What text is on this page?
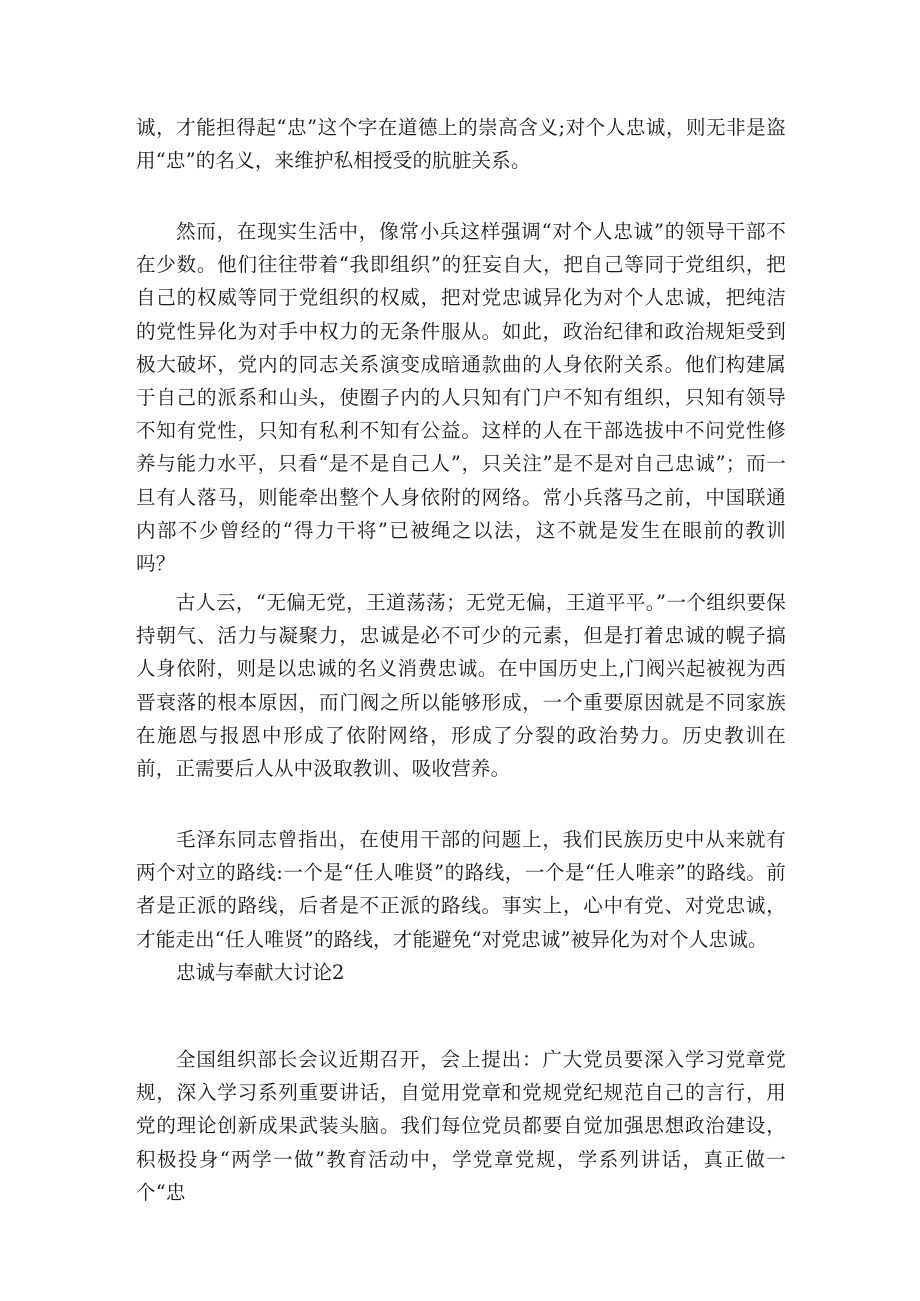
诚，才能担得起“忠”这个字在道德上的崇高含义;对个人忠诚，则无非是盗用“忠”的名义，来维护私相授受的肮脏关系。

然而，在现实生活中，像常小兵这样强调“对个人忠诚”的领导干部不在少数。他们往往带着“我即组织”的狂妄自大，把自己等同于党组织，把自己的权威等同于党组织的权威，把对党忠诚异化为对个人忠诚，把纯洁的党性异化为对手中权力的无条件服从。如此，政治纪律和政治规矩受到极大破坏，党内的同志关系演变成暗通款曲的人身依附关系。他们构建属于自己的派系和山头，使圈子内的人只知有门户不知有组织，只知有领导不知有党性，只知有私利不知有公益。这样的人在干部选拔中不问党性修养与能力水平，只看“是不是自己人”，只关注”是不是对自己忠诚”；而一旦有人落马，则能牵出整个人身依附的网络。常小兵落马之前，中国联通内部不少曾经的“得力干将”已被绳之以法，这不就是发生在眼前的教训吗？

古人云，“无偏无党，王道荡荡；无党无偏，王道平平。”一个组织要保持朝气、活力与凝聚力，忠诚是必不可少的元素，但是打着忠诚的幌子搞人身依附，则是以忠诚的名义消费忠诚。在中国历史上,门阀兴起被视为西晋衰落的根本原因，而门阀之所以能够形成，一个重要原因就是不同家族在施恩与报恩中形成了依附网络，形成了分裂的政治势力。历史教训在前，正需要后人从中汲取教训、吸收营养。

毛泽东同志曾指出，在使用干部的问题上，我们民族历史中从来就有两个对立的路线:一个是“任人唯贤”的路线，一个是“任人唯亲”的路线。前者是正派的路线，后者是不正派的路线。事实上，心中有党、对党忠诚，才能走出“任人唯贤”的路线，才能避免“对党忠诚”被异化为对个人忠诚。

忠诚与奉献大讨论2

全国组织部长会议近期召开，会上提出：广大党员要深入学习党章党规，深入学习系列重要讲话，自觉用党章和党规党纪规范自己的言行，用党的理论创新成果武装头脑。我们每位党员都要自觉加强思想政治建设，积极投身“两学一做”教育活动中，学党章党规，学系列讲话，真正做一个“忠
